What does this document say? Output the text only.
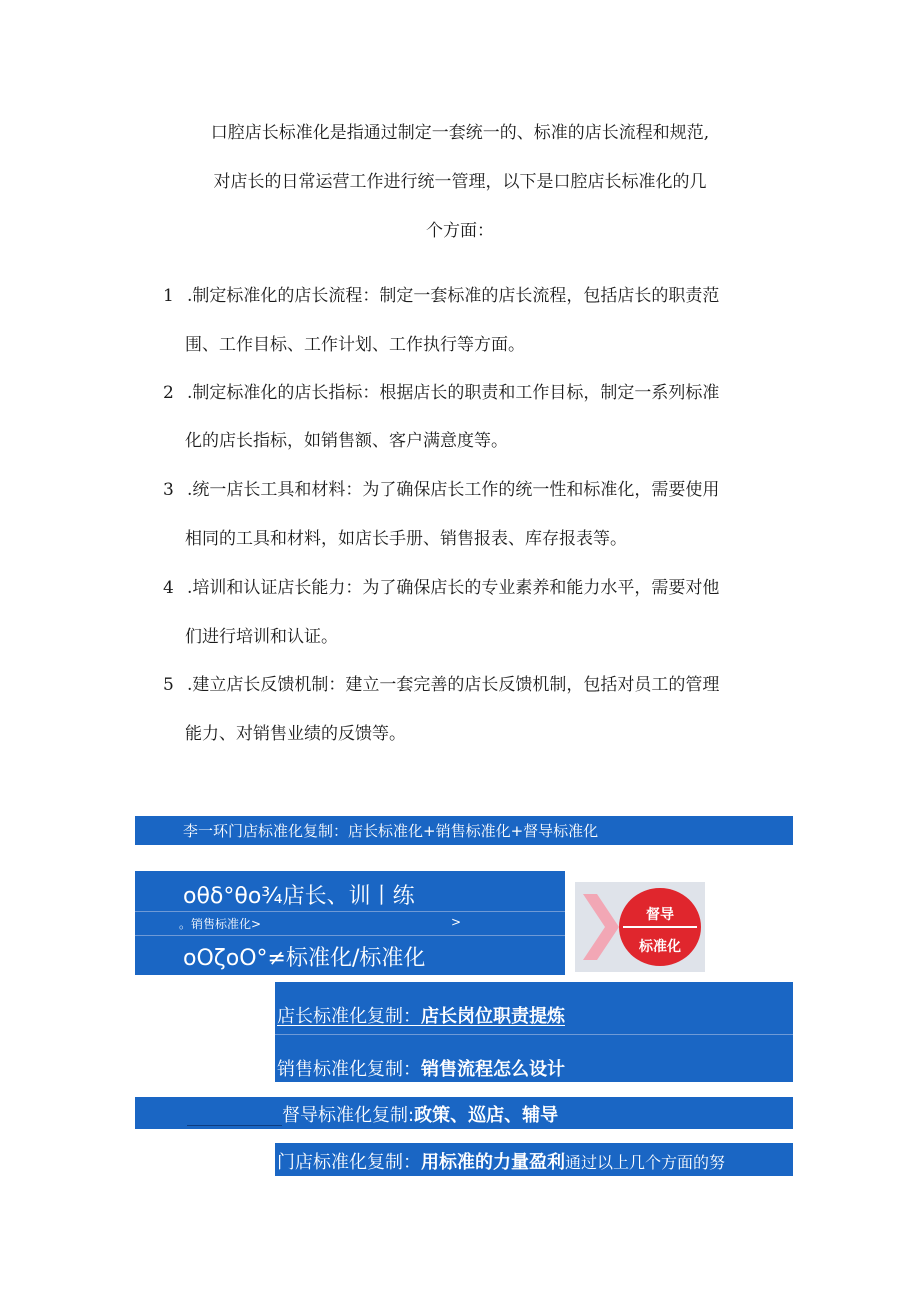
口腔店长标准化是指通过制定一套统一的、标准的店长流程和规范,
对店长的日常运营工作进行统一管理，以下是口腔店长标准化的几
个方面：
1 .制定标准化的店长流程：制定一套标准的店长流程，包括店长的职责范
围、工作目标、工作计划、工作执行等方面。
2 .制定标准化的店长指标：根据店长的职责和工作目标，制定一系列标准
化的店长指标，如销售额、客户满意度等。
3 .统一店长工具和材料：为了确保店长工作的统一性和标准化，需要使用
相同的工具和材料，如店长手册、销售报表、库存报表等。
4 .培训和认证店长能力：为了确保店长的专业素养和能力水平，需要对他
们进行培训和认证。
5 .建立店长反馈机制：建立一套完善的店长反馈机制，包括对员工的管理
能力、对销售业绩的反馈等。
李一环门店标准化复制：店长标准化+销售标准化+督导标准化
oθδ°θo¾店长、训丨练
。销售标准化>	>
oOζoO°≠标准化/标准化
督导
标准化
店长标准化复制：店长岗位职责提炼
销售标准化复制：销售流程怎么设计
督导标准化复制:政策、巡店、辅导
门店标准化复制：用标准的力量盈利通过以上几个方面的努
